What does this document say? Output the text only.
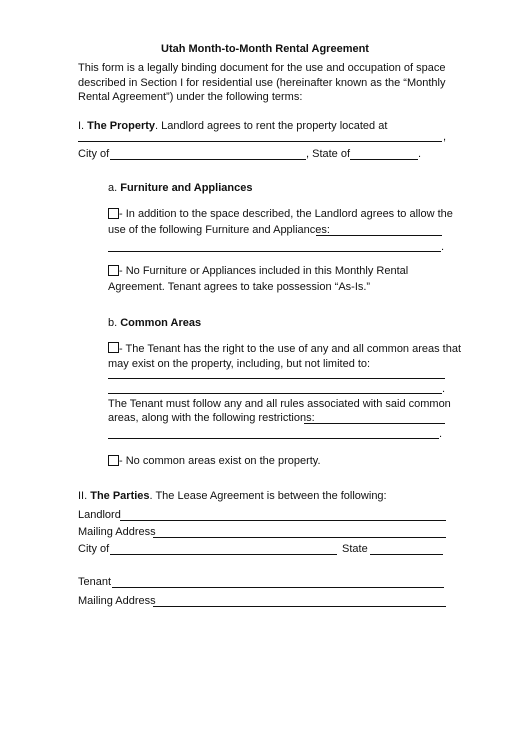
Utah Month-to-Month Rental Agreement
This form is a legally binding document for the use and occupation of space described in Section I for residential use (hereinafter known as the “Monthly Rental Agreement”) under the following terms:
I. The Property. Landlord agrees to rent the property located at
,
City of	, State of	.
a. Furniture and Appliances
- In addition to the space described, the Landlord agrees to allow the
use of the following Furniture and Appliances:
.
- No Furniture or Appliances included in this Monthly Rental
Agreement. Tenant agrees to take possession “As-Is.”
b. Common Areas
- The Tenant has the right to the use of any and all common areas that
may exist on the property, including, but not limited to:
.
The Tenant must follow any and all rules associated with said common
areas, along with the following restrictions:
.
- No common areas exist on the property.
II. The Parties. The Lease Agreement is between the following:
Landlord
Mailing Address
City of	State
Tenant
Mailing Address
